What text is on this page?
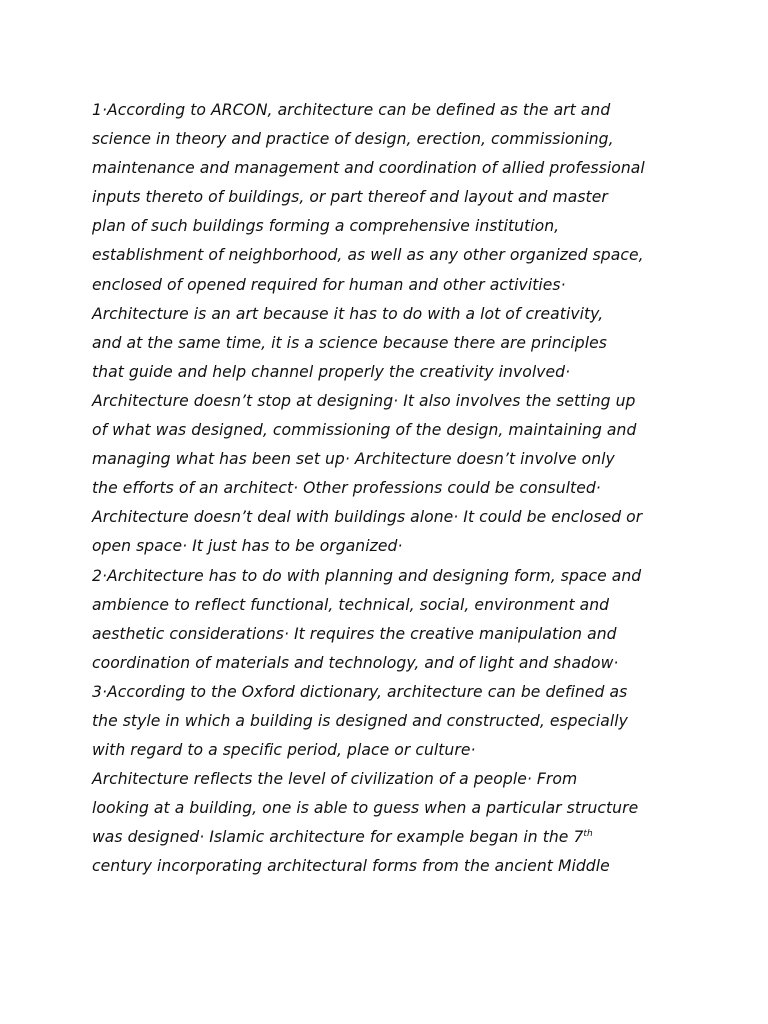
1·According to ARCON, architecture can be defined as the art and
science in theory and practice of design, erection, commissioning,
maintenance and management and coordination of allied professional
inputs thereto of buildings, or part thereof and layout and master
plan of such buildings forming a comprehensive institution,
establishment of neighborhood, as well as any other organized space,
enclosed of opened required for human and other activities·
Architecture is an art because it has to do with a lot of creativity,
and at the same time, it is a science because there are principles
that guide and help channel properly the creativity involved·
Architecture doesn’t stop at designing· It also involves the setting up
of what was designed, commissioning of the design, maintaining and
managing what has been set up· Architecture doesn’t involve only
the efforts of an architect· Other professions could be consulted·
Architecture doesn’t deal with buildings alone· It could be enclosed or
open space· It just has to be organized·
2·Architecture has to do with planning and designing form, space and
ambience to reflect functional, technical, social, environment and
aesthetic considerations· It requires the creative manipulation and
coordination of materials and technology, and of light and shadow·
3·According to the Oxford dictionary, architecture can be defined as
the style in which a building is designed and constructed, especially
with regard to a specific period, place or culture·
Architecture reflects the level of civilization of a people· From
looking at a building, one is able to guess when a particular structure
was designed· Islamic architecture for example began in the 7th
century incorporating architectural forms from the ancient Middle
